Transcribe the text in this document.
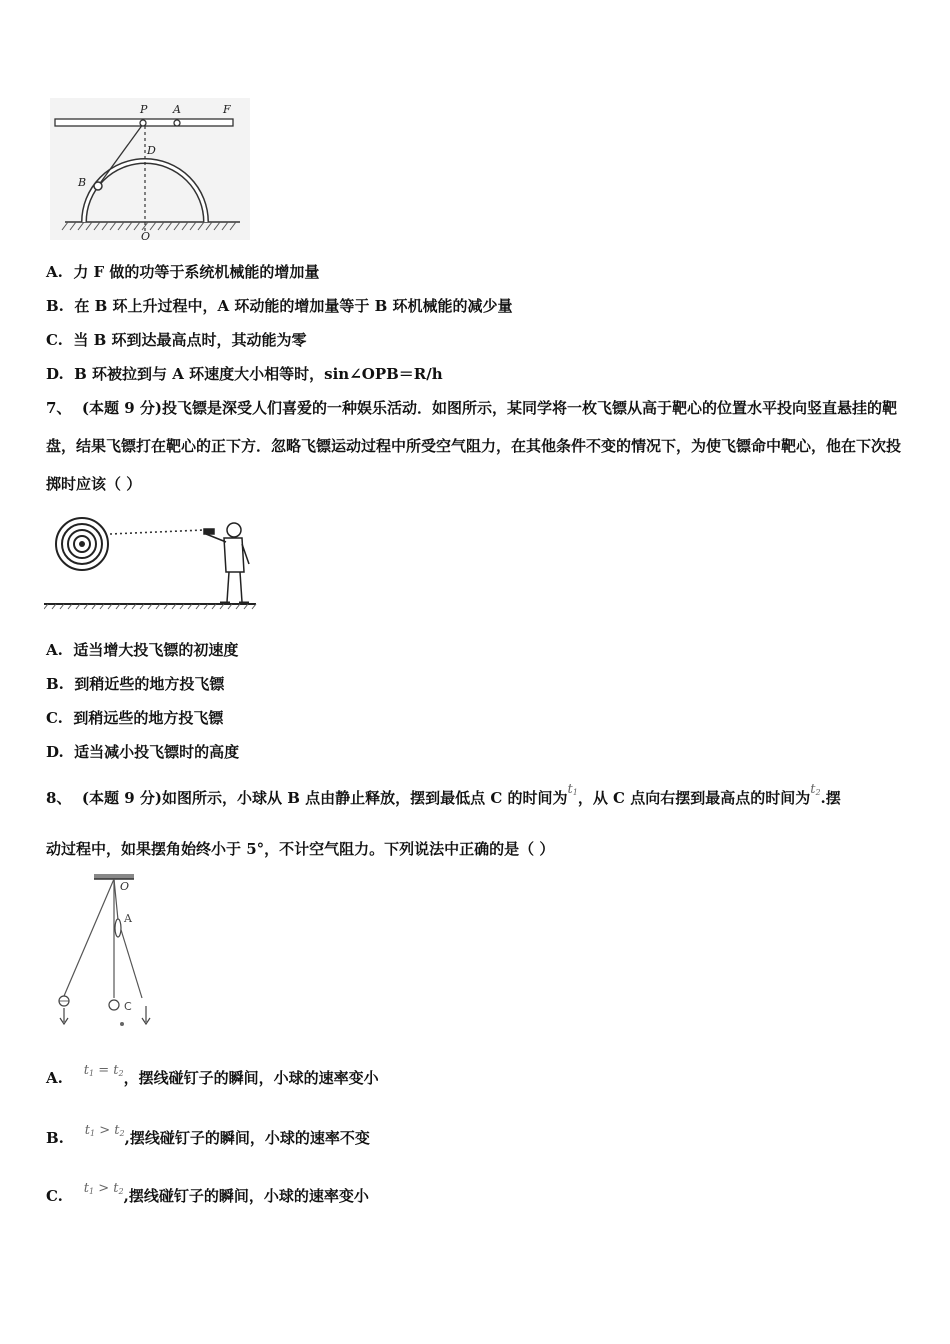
P A	F
D
B
O
A. 力 F 做的功等于系统机械能的增加量
B. 在 B 环上升过程中，A 环动能的增加量等于 B 环机械能的减少量
C. 当 B 环到达最高点时，其动能为零
D. B 环被拉到与 A 环速度大小相等时，sin∠OPB＝R/h
7、 (本题 9 分)投飞镖是深受人们喜爱的一种娱乐活动．如图所示，某同学将一枚飞镖从高于靶心的位置水平投向竖直悬挂的靶盘，结果飞镖打在靶心的正下方．忽略飞镖运动过程中所受空气阻力，在其他条件不变的情况下，为使飞镖命中靶心，他在下次投掷时应该（ ）
A. 适当增大投飞镖的初速度
B. 到稍近些的地方投飞镖
C. 到稍远些的地方投飞镖
D. 适当减小投飞镖时的高度
8、 (本题 9 分)如图所示，小球从 B 点由静止释放，摆到最低点 C 的时间为$t_1$，从 C 点向右摆到最高点的时间为$t_2$.摆
动过程中，如果摆角始终小于 5°，不计空气阻力。下列说法中正确的是（ ）
O
A
C
A. $t_1 = t_2$，摆线碰钉子的瞬间，小球的速率变小
B. $t_1 > t_2$,摆线碰钉子的瞬间，小球的速率不变
C. $t_1 > t_2$,摆线碰钉子的瞬间，小球的速率变小
